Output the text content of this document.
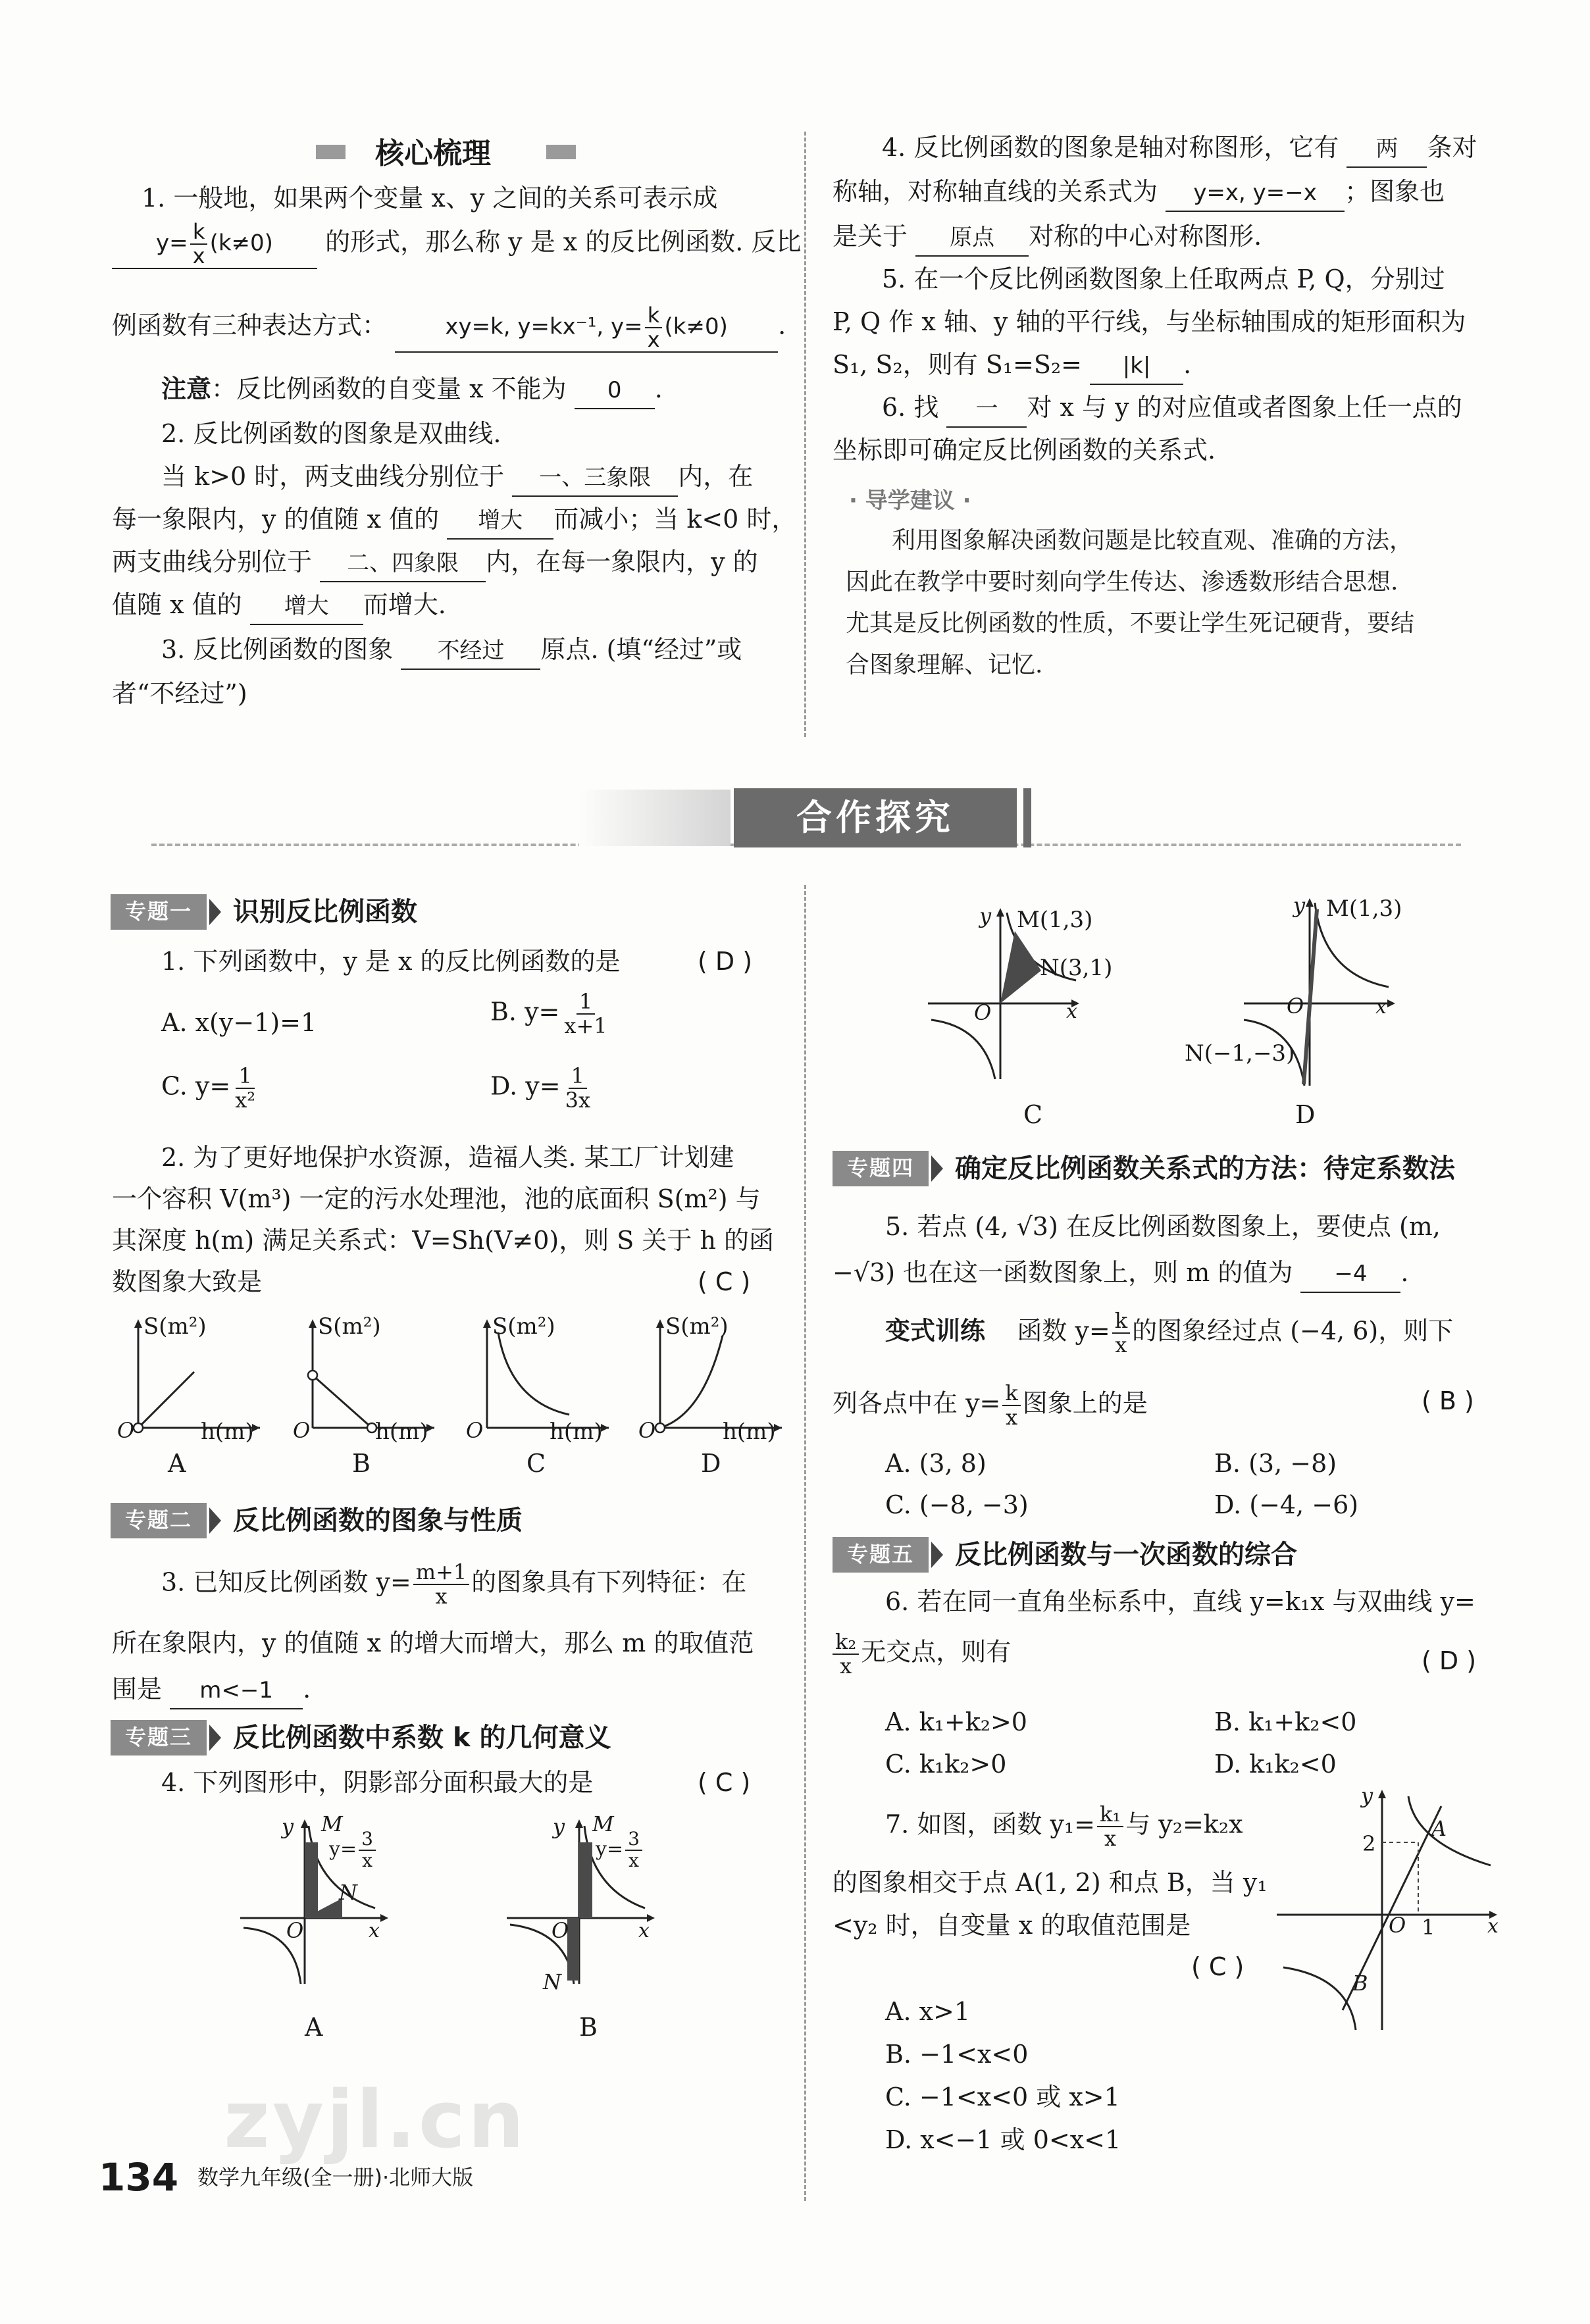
核心梳理
1. 一般地，如果两个变量 x、y 之间的关系可表示成
$y= \frac{k}{x} (k\ne 0)$ 的形式，那么称 y 是 x 的反比例函数. 反比
例函数有三种表达方式：	xy=k, y=kx⁻¹, $y= \frac{k}{x} (k\ne 0)$.
注意：反比例函数的自变量 x 不能为 0 .
2. 反比例函数的图象是双曲线.
当 k>0 时，两支曲线分别位于 一、三象限 内，在
每一象限内，y 的值随 x 值的 增大 而减小；当 k<0 时，
两支曲线分别位于 二、四象限 内，在每一象限内，y 的
值随 x 值的 增大 而增大.
3. 反比例函数的图象 不经过 原点. (填“经过”或
者“不经过”)
4. 反比例函数的图象是轴对称图形，它有 两 条对
称轴，对称轴直线的关系式为 y=x, y=−x ；图象也
是关于 原点 对称的中心对称图形.
5. 在一个反比例函数图象上任取两点 P, Q，分别过
P, Q 作 x 轴、y 轴的平行线，与坐标轴围成的矩形面积为
S₁, S₂，则有 S₁=S₂= |k| .
6. 找 一 对 x 与 y 的对应值或者图象上任一点的
坐标即可确定反比例函数的关系式.
· 导学建议 ·
利用图象解决函数问题是比较直观、准确的方法，
因此在教学中要时刻向学生传达、渗透数形结合思想.
尤其是反比例函数的性质，不要让学生死记硬背，要结
合图象理解、记忆.
合作探究
专题一	识别反比例函数
1. 下列函数中，y 是 x 的反比例函数的是	( D )
A. x(y−1)=1	B. $y= \frac{1}{x+1}$
C. $y= \frac{1}{\text{x²}}$	D. $y= \frac{1}{3x}$
2. 为了更好地保护水资源，造福人类. 某工厂计划建
一个容积 V(m³) 一定的污水处理池，池的底面积 S(m²) 与
其深度 h(m) 满足关系式：V=Sh(V≠0)，则 S 关于 h 的函
数图象大致是	( C )
S(m²)
O	h(m)
A
S(m²)
O	h(m)
B
S(m²)
O	h(m)
C
S(m²)
O	h(m)
D
专题二	反比例函数的图象与性质
3. 已知反比例函数 $y= \frac{m+1}{x}$ 的图象具有下列特征：在
所在象限内，y 的值随 x 的增大而增大，那么 m 的取值范
围是 m<−1 .
专题三	反比例函数中系数 k 的几何意义
4. 下列图形中，阴影部分面积最大的是	( C )
y M
$y= \frac{3}{x}$
N
O	x
A
y M
$y= \frac{3}{x}$
O
N
x
B
y M(1,3)
N(3,1)
O	x
C
y M(1,3)
O	x
N(−1,−3)
D
专题四	确定反比例函数关系式的方法：待定系数法
5. 若点 (4, √3) 在反比例函数图象上，要使点 (m,
−√3) 也在这一函数图象上，则 m 的值为 −4 .
变式训练 函数 $y= \frac{k}{x}$ 的图象经过点 (−4, 6)，则下
列各点中在 $y= \frac{k}{x}$ 图象上的是	( B )
A. (3, 8)	B. (3, −8)
C. (−8, −3)	D. (−4, −6)
专题五	反比例函数与一次函数的综合
6. 若在同一直角坐标系中，直线 y=k₁x 与双曲线 y=
$\frac{\text{k₂}}{x}$ 无交点，则有	( D )
A. k₁+k₂>0	B. k₁+k₂<0
C. k₁k₂>0	D. k₁k₂<0
7. 如图，函数 $y_1= \frac{\text{k₁}}{x}$ 与 y₂=k₂x
的图象相交于点 A(1, 2) 和点 B，当 y₁
<y₂ 时，自变量 x 的取值范围是
( C )
A. x>1
B. −1<x<0
C. −1<x<0 或 x>1
D. x<−1 或 0<x<1
y
2
A
O 1	x
B
134 数学九年级(全一册)·北师大版
zyjl.cn
